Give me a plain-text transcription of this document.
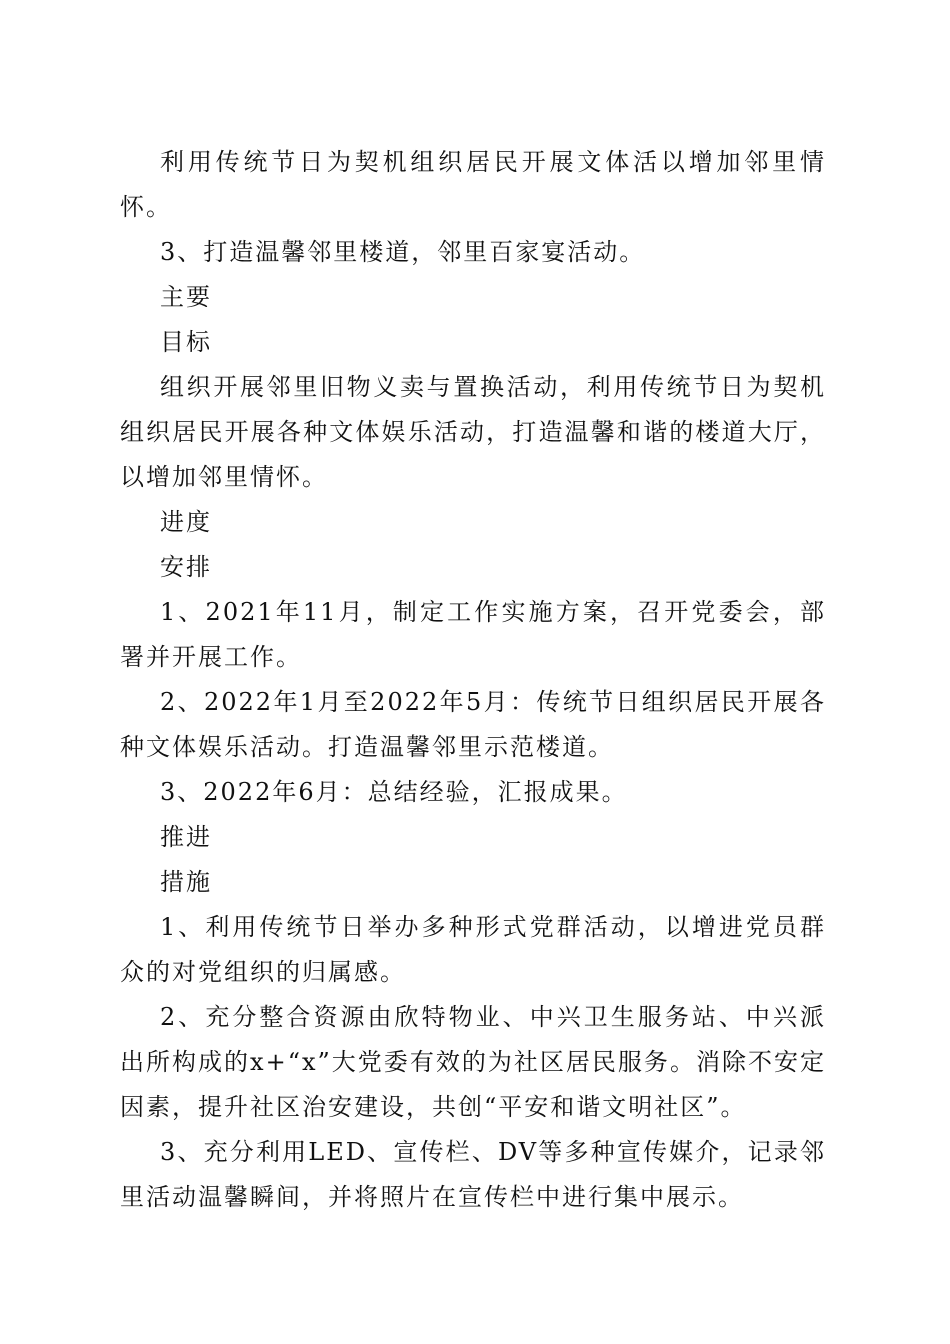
利用传统节日为契机组织居民开展文体活以增加邻里情怀。

3、打造温馨邻里楼道，邻里百家宴活动。

主要

目标

组织开展邻里旧物义卖与置换活动，利用传统节日为契机组织居民开展各种文体娱乐活动，打造温馨和谐的楼道大厅，以增加邻里情怀。

进度

安排

1、2021年11月，制定工作实施方案，召开党委会，部署并开展工作。

2、2022年1月至2022年5月：传统节日组织居民开展各种文体娱乐活动。打造温馨邻里示范楼道。

3、2022年6月：总结经验，汇报成果。

推进

措施

1、利用传统节日举办多种形式党群活动，以增进党员群众的对党组织的归属感。

2、充分整合资源由欣特物业、中兴卫生服务站、中兴派出所构成的x+“x”大党委有效的为社区居民服务。消除不安定因素，提升社区治安建设，共创“平安和谐文明社区”。

3、充分利用LED、宣传栏、DV等多种宣传媒介，记录邻里活动温馨瞬间，并将照片在宣传栏中进行集中展示。
